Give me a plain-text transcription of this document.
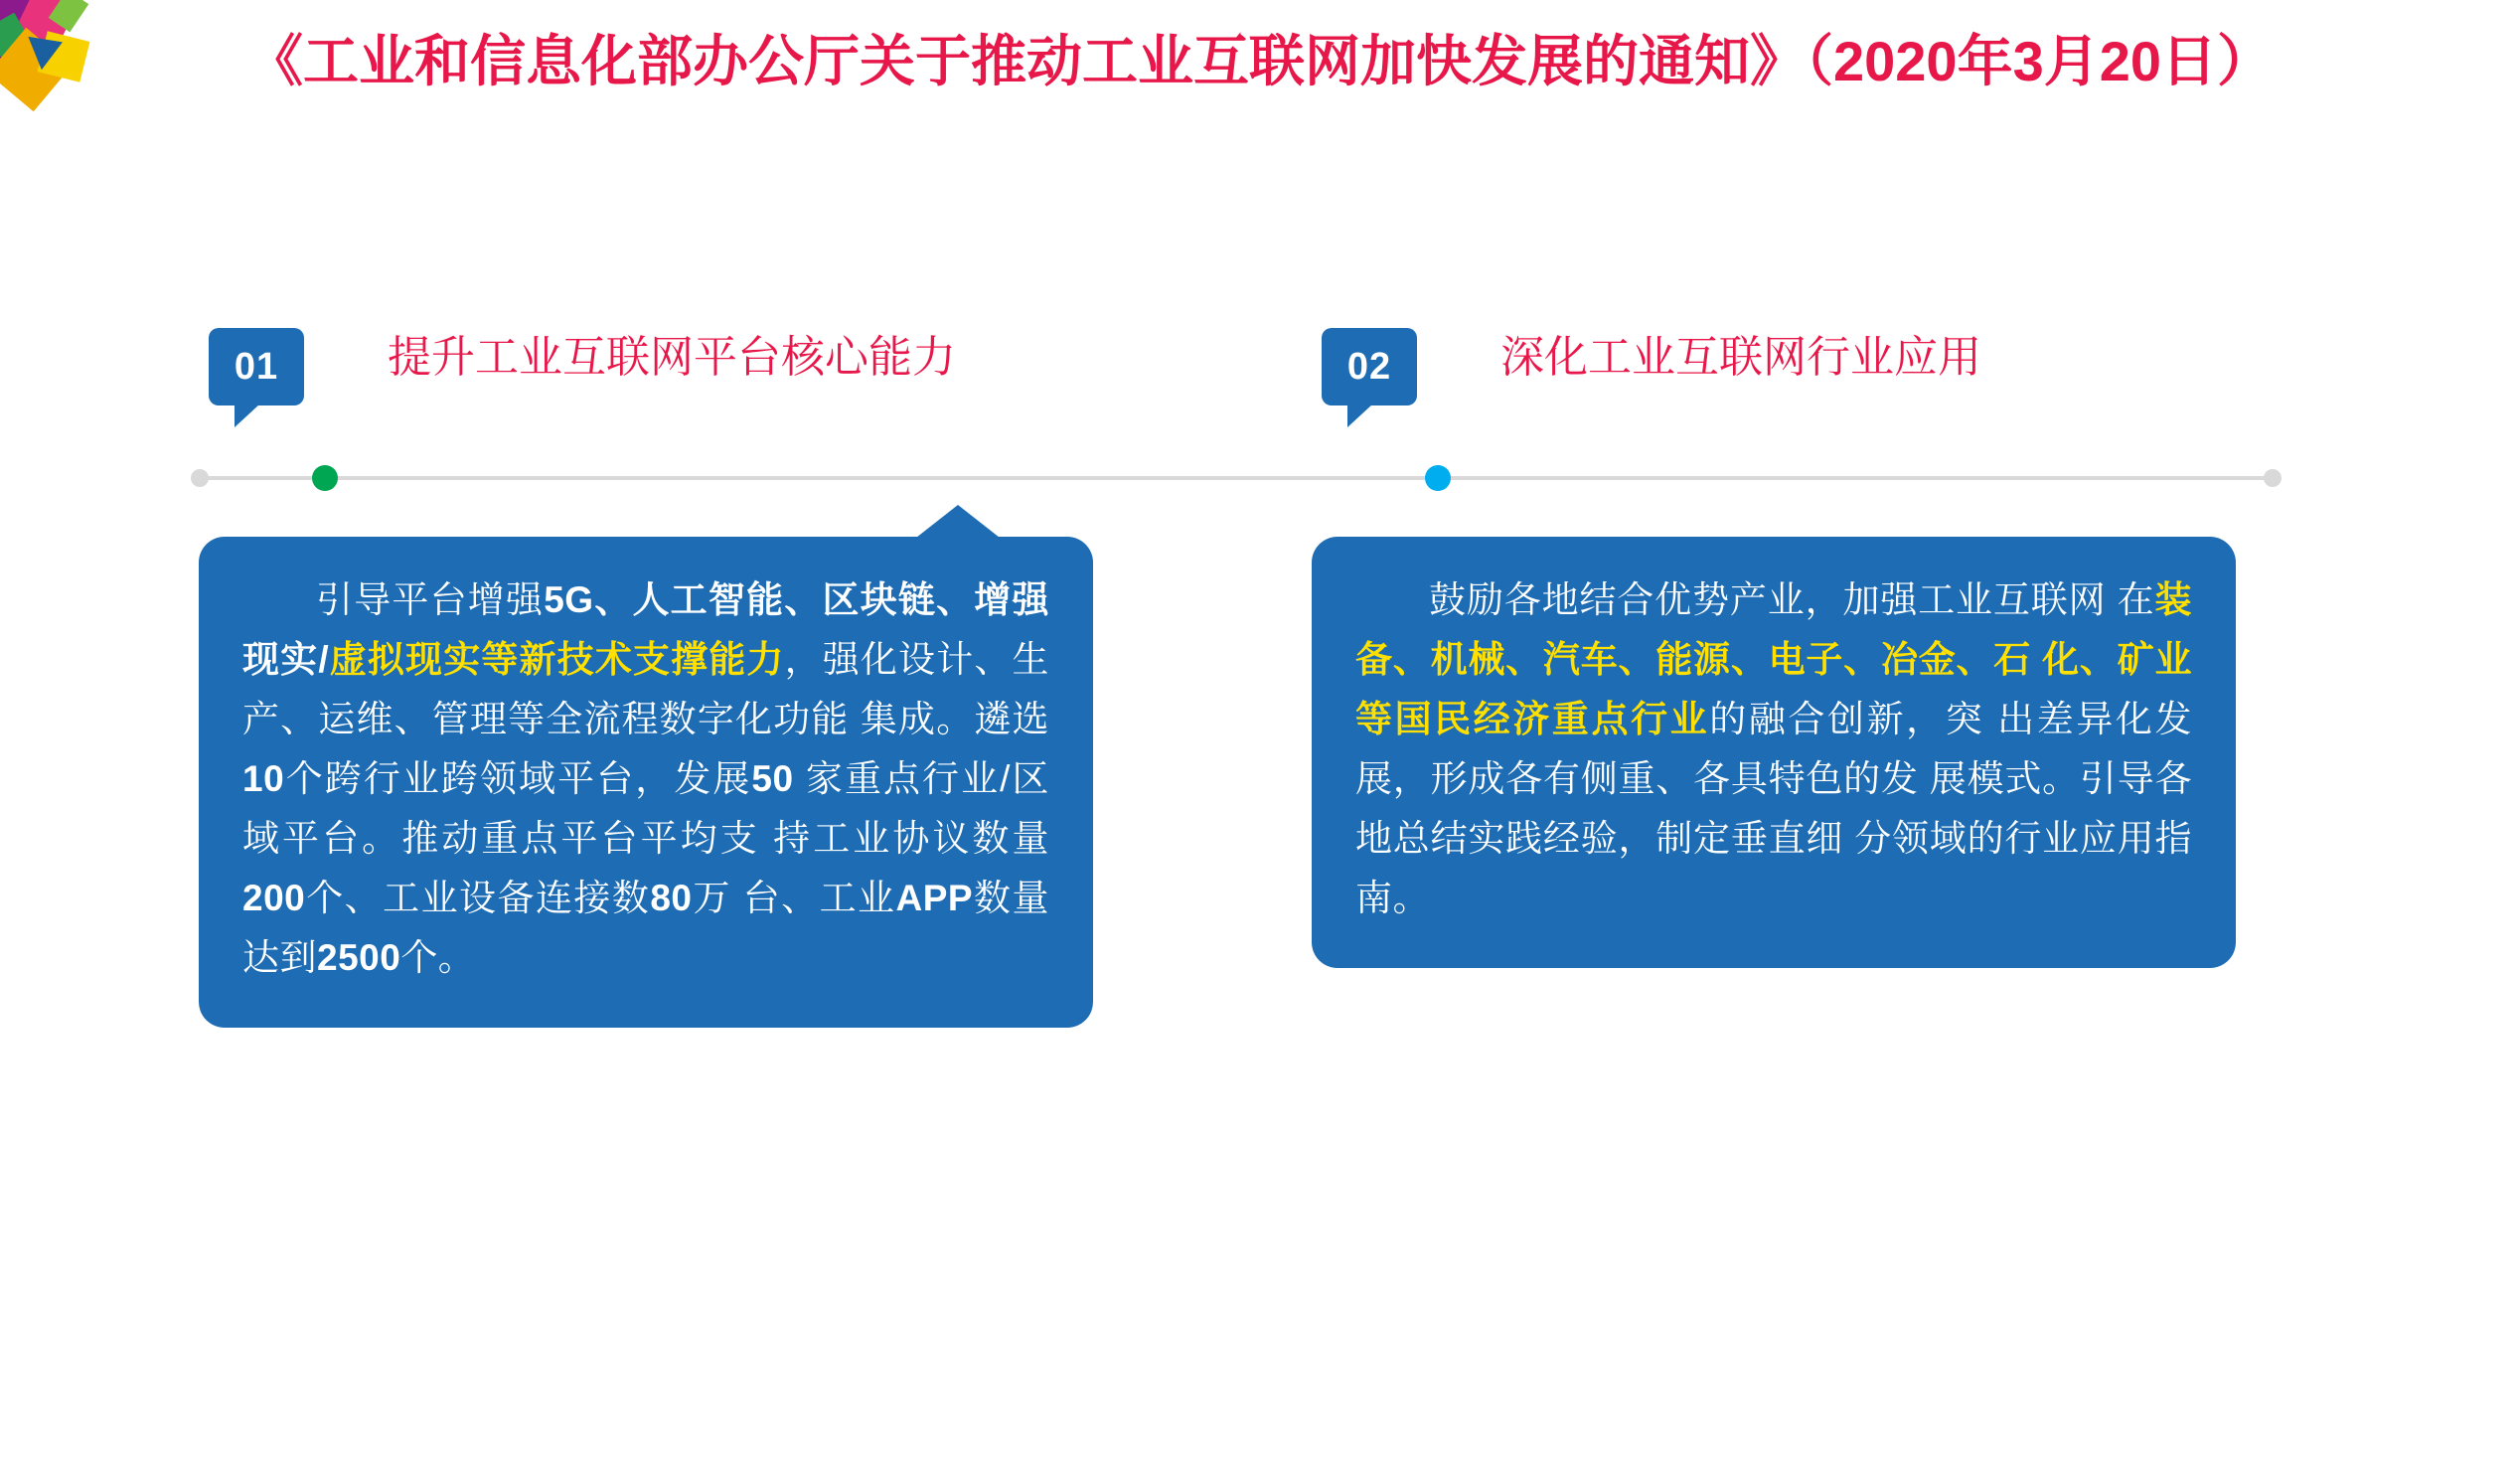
《工业和信息化部办公厅关于推动工业互联网加快发展的通知》（2020年3月20日）
01	提升工业互联网平台核心能力	02	深化工业互联网行业应用

引导平台增强5G、人工智能、区块链、增强现实/虚拟现实等新技术支撑能力，强化设计、生产、运维、管理等全流程数字化功能 集成。遴选10个跨行业跨领域平台，发展50 家重点行业/区域平台。推动重点平台平均支 持工业协议数量200个、工业设备连接数80万 台、工业APP数量达到2500个。

鼓励各地结合优势产业，加强工业互联网 在装备、机械、汽车、能源、电子、冶金、石 化、矿业等国民经济重点行业的融合创新，突 出差异化发展，形成各有侧重、各具特色的发 展模式。引导各地总结实践经验，制定垂直细 分领域的行业应用指南。
